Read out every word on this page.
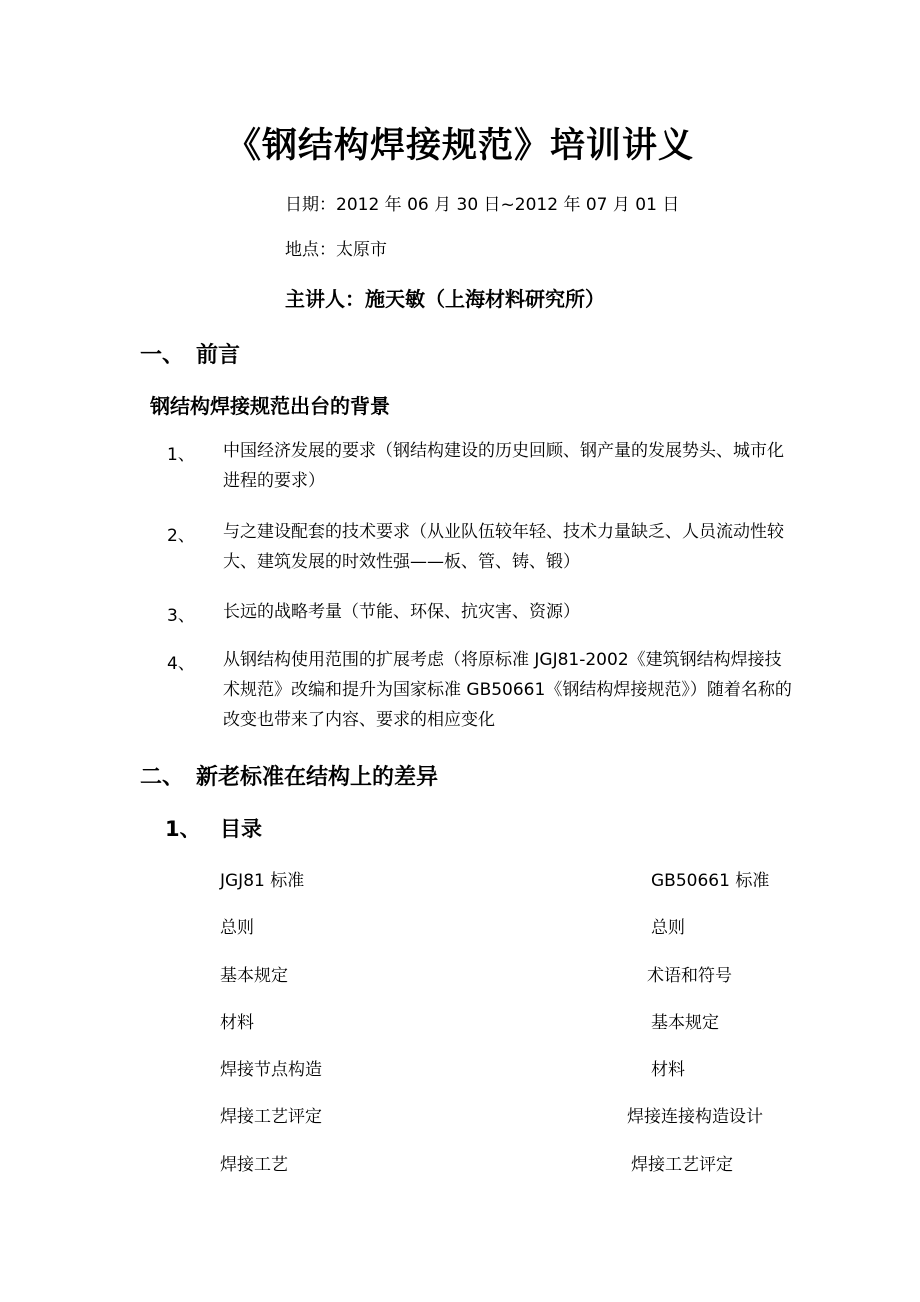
《钢结构焊接规范》培训讲义
日期：2012 年 06 月 30 日~2012 年 07 月 01 日
地点：太原市
主讲人：施天敏（上海材料研究所）
一、 前言
钢结构焊接规范出台的背景
1、 中国经济发展的要求（钢结构建设的历史回顾、钢产量的发展势头、城市化进程的要求）
2、 与之建设配套的技术要求（从业队伍较年轻、技术力量缺乏、人员流动性较大、建筑发展的时效性强——板、管、铸、锻）
3、 长远的战略考量（节能、环保、抗灾害、资源）
4、 从钢结构使用范围的扩展考虑（将原标准 JGJ81-2002《建筑钢结构焊接技术规范》改编和提升为国家标准 GB50661《钢结构焊接规范》）随着名称的改变也带来了内容、要求的相应变化
二、 新老标准在结构上的差异
1、 目录
JGJ81 标准
总则
基本规定
材料
焊接节点构造
焊接工艺评定
焊接工艺
GB50661 标准
总则
术语和符号
基本规定
材料
焊接连接构造设计
焊接工艺评定
